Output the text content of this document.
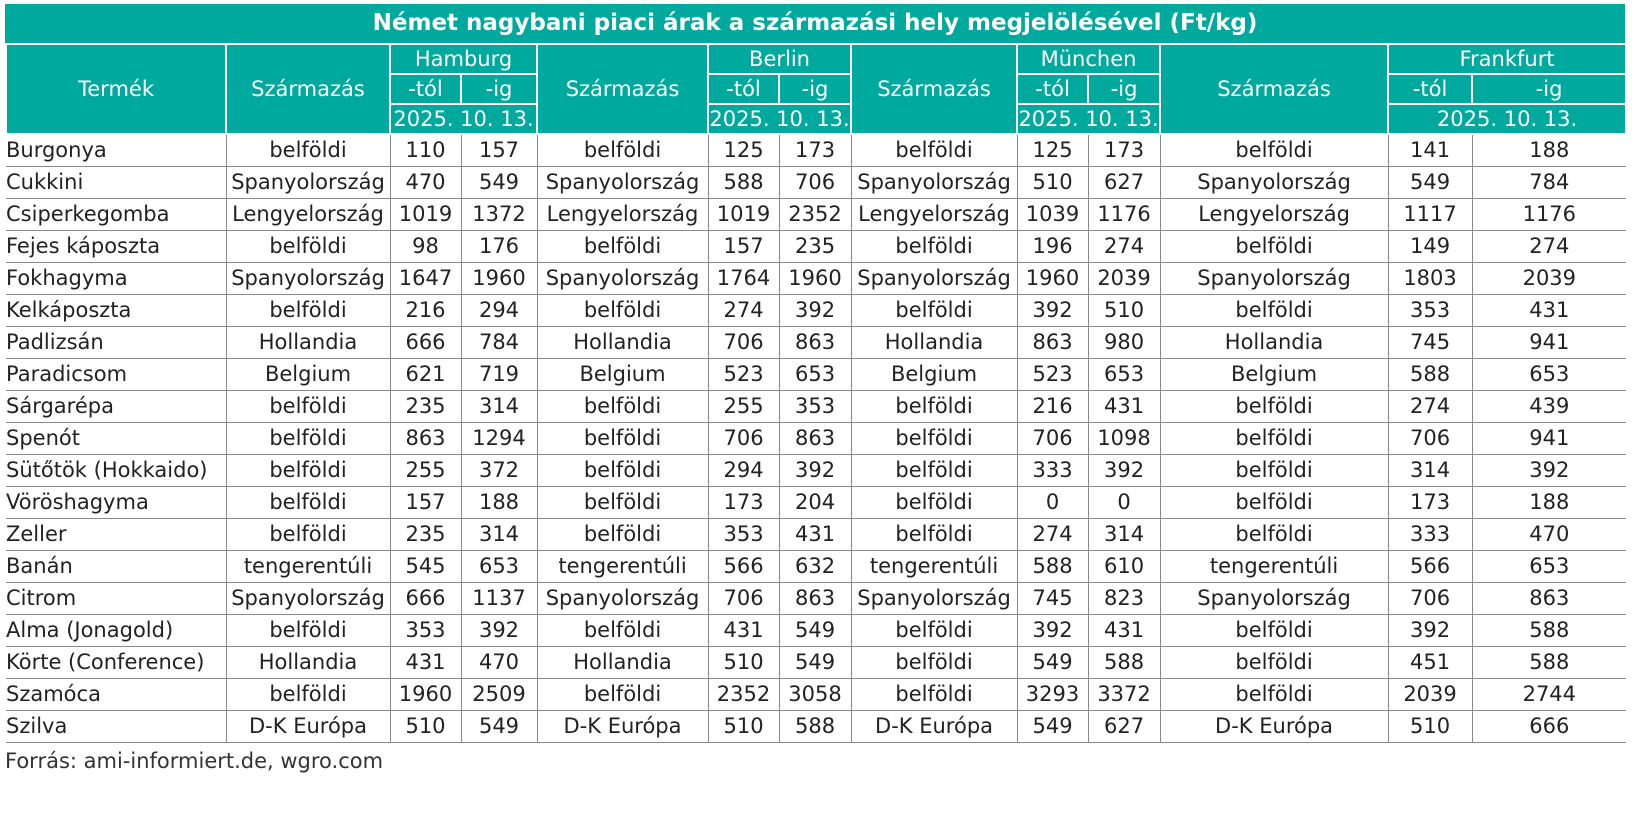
Német nagybani piaci árak a származási hely megjelölésével (Ft/kg)
Termék	Származás	Hamburg		Származás	Berlin		Származás	München		Származás	Frankfurt	
		-tól	-ig		-tól	-ig		-tól	-ig		-tól	-ig
		2025. 10. 13.			2025. 10. 13.			2025. 10. 13.			2025. 10. 13.	
Burgonya	belföldi	110	157	belföldi	125	173	belföldi	125	173	belföldi	141	188
Cukkini	Spanyolország	470	549	Spanyolország	588	706	Spanyolország	510	627	Spanyolország	549	784
Csiperkegomba	Lengyelország	1019	1372	Lengyelország	1019	2352	Lengyelország	1039	1176	Lengyelország	1117	1176
Fejes káposzta	belföldi	98	176	belföldi	157	235	belföldi	196	274	belföldi	149	274
Fokhagyma	Spanyolország	1647	1960	Spanyolország	1764	1960	Spanyolország	1960	2039	Spanyolország	1803	2039
Kelkáposzta	belföldi	216	294	belföldi	274	392	belföldi	392	510	belföldi	353	431
Padlizsán	Hollandia	666	784	Hollandia	706	863	Hollandia	863	980	Hollandia	745	941
Paradicsom	Belgium	621	719	Belgium	523	653	Belgium	523	653	Belgium	588	653
Sárgarépa	belföldi	235	314	belföldi	255	353	belföldi	216	431	belföldi	274	439
Spenót	belföldi	863	1294	belföldi	706	863	belföldi	706	1098	belföldi	706	941
Sütőtök (Hokkaido)	belföldi	255	372	belföldi	294	392	belföldi	333	392	belföldi	314	392
Vöröshagyma	belföldi	157	188	belföldi	173	204	belföldi	0	0	belföldi	173	188
Zeller	belföldi	235	314	belföldi	353	431	belföldi	274	314	belföldi	333	470
Banán	tengerentúli	545	653	tengerentúli	566	632	tengerentúli	588	610	tengerentúli	566	653
Citrom	Spanyolország	666	1137	Spanyolország	706	863	Spanyolország	745	823	Spanyolország	706	863
Alma (Jonagold)	belföldi	353	392	belföldi	431	549	belföldi	392	431	belföldi	392	588
Körte (Conference)	Hollandia	431	470	Hollandia	510	549	belföldi	549	588	belföldi	451	588
Szamóca	belföldi	1960	2509	belföldi	2352	3058	belföldi	3293	3372	belföldi	2039	2744
Szilva	D-K Európa	510	549	D-K Európa	510	588	D-K Európa	549	627	D-K Európa	510	666
Forrás: ami-informiert.de, wgro.com
